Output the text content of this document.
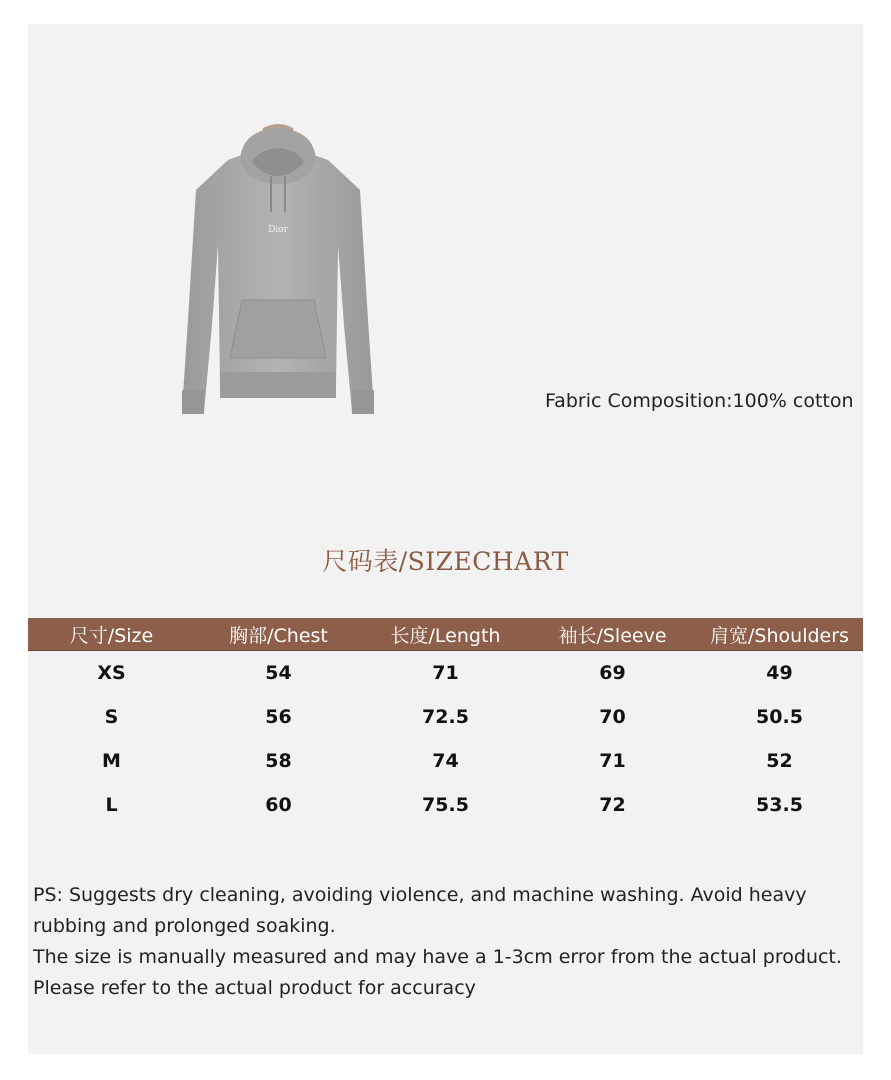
Dior
Fabric Composition:100% cotton
尺码表/SIZECHART
尺寸/Size	胸部/Chest	长度/Length	袖长/Sleeve	肩宽/Shoulders
XS	54	71	69	49
S	56	72.5	70	50.5
M	58	74	71	52
L	60	75.5	72	53.5

PS: Suggests dry cleaning, avoiding violence, and machine washing. Avoid heavy rubbing and prolonged soaking.

The size is manually measured and may have a 1-3cm error from the actual product.

Please refer to the actual product for accuracy
